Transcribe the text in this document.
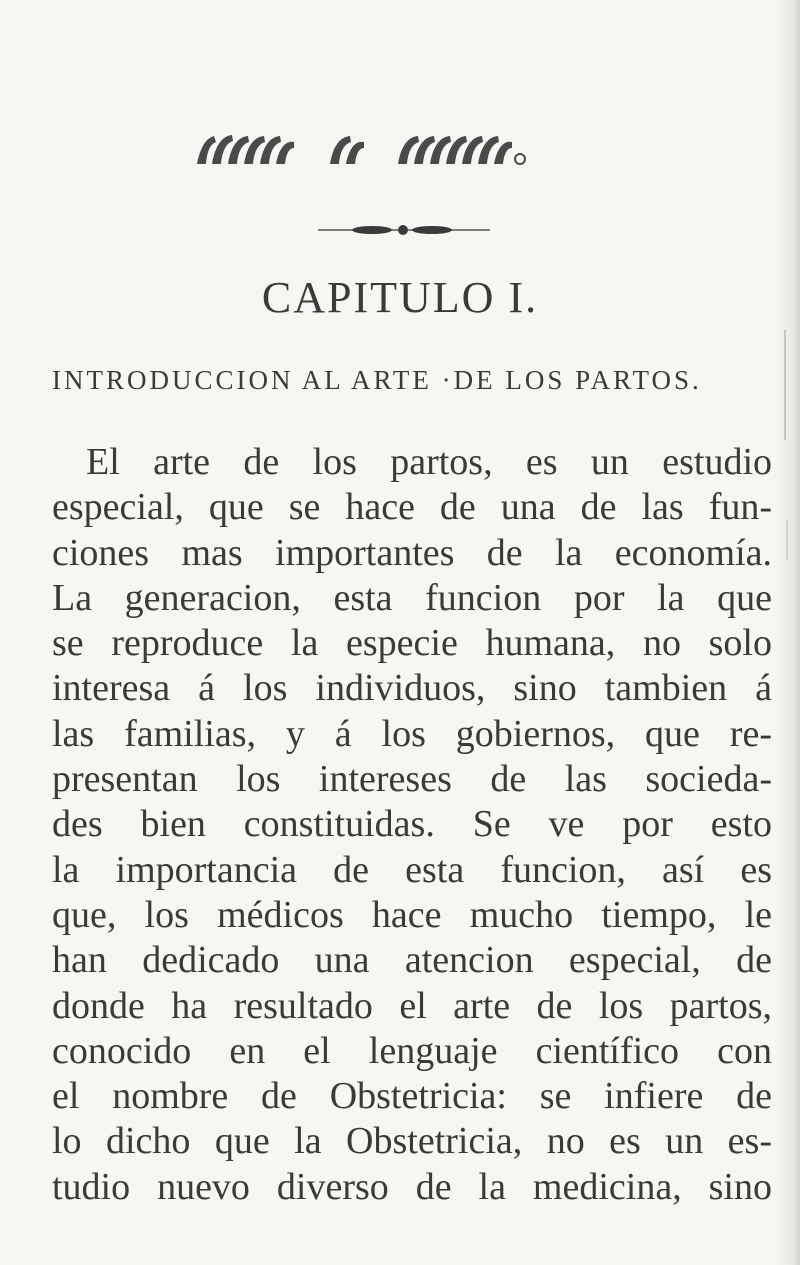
CAPITULO I.
INTRODUCCION AL ARTE ·DE LOS PARTOS.
El arte de los partos, es un estudio
especial, que se hace de una de las fun-
ciones mas importantes de la economía.
La generacion, esta funcion por la que
se reproduce la especie humana, no solo
interesa á los individuos, sino tambien á
las familias, y á los gobiernos, que re-
presentan los intereses de las socieda-
des bien constituidas. Se ve por esto
la importancia de esta funcion, así es
que, los médicos hace mucho tiempo, le
han dedicado una atencion especial, de
donde ha resultado el arte de los partos,
conocido en el lenguaje científico con
el nombre de Obstetricia: se infiere de
lo dicho que la Obstetricia, no es un es-
tudio nuevo diverso de la medicina, sino
